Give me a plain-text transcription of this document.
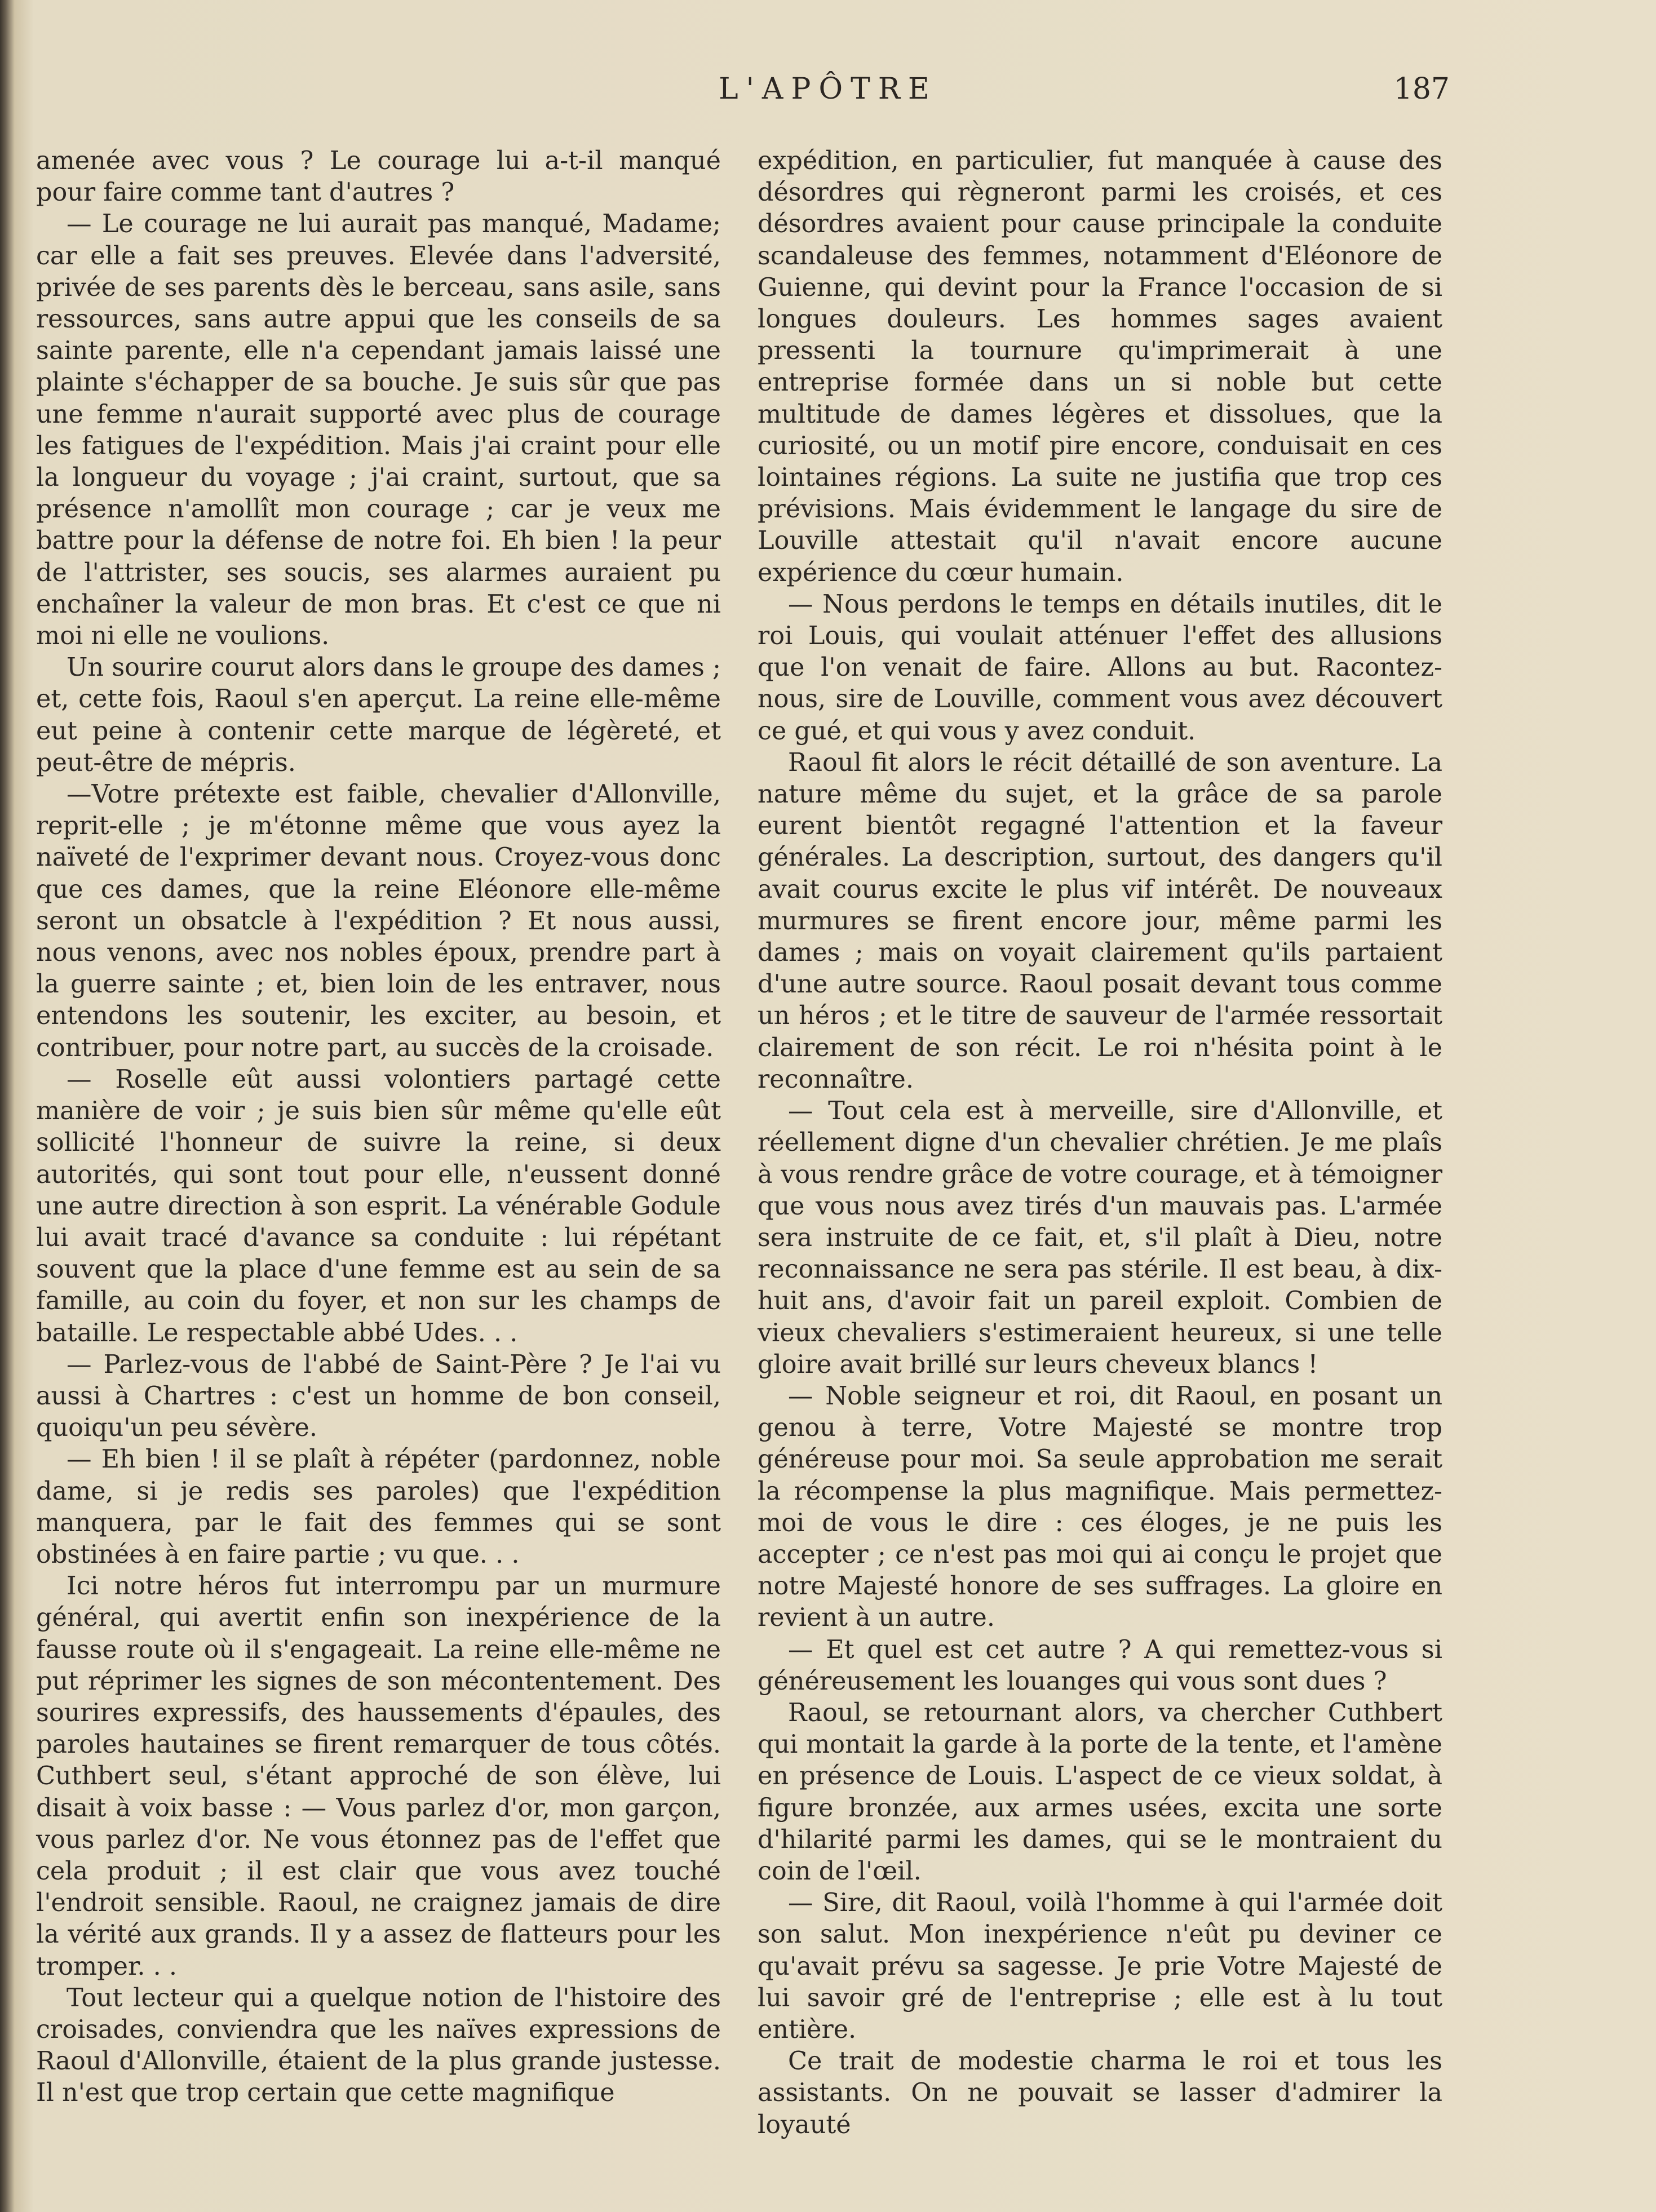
L'APÔTRE	187

amenée avec vous ? Le courage lui a-t-il manqué pour faire comme tant d'autres ?

— Le courage ne lui aurait pas manqué, Madame; car elle a fait ses preuves. Elevée dans l'adversité, privée de ses parents dès le berceau, sans asile, sans ressources, sans autre appui que les conseils de sa sainte parente, elle n'a cependant jamais laissé une plainte s'échapper de sa bouche. Je suis sûr que pas une femme n'aurait supporté avec plus de courage les fatigues de l'expédition. Mais j'ai craint pour elle la longueur du voyage ; j'ai craint, surtout, que sa présence n'amollît mon courage ; car je veux me battre pour la défense de notre foi. Eh bien ! la peur de l'attrister, ses soucis, ses alarmes auraient pu enchaîner la valeur de mon bras. Et c'est ce que ni moi ni elle ne voulions.

Un sourire courut alors dans le groupe des dames ; et, cette fois, Raoul s'en aperçut. La reine elle-même eut peine à contenir cette marque de légèreté, et peut-être de mépris.

—Votre prétexte est faible, chevalier d'Allonville, reprit-elle ; je m'étonne même que vous ayez la naïveté de l'exprimer devant nous. Croyez-vous donc que ces dames, que la reine Eléonore elle-même seront un obsatcle à l'expédition ? Et nous aussi, nous venons, avec nos nobles époux, prendre part à la guerre sainte ; et, bien loin de les entraver, nous entendons les soutenir, les exciter, au besoin, et contribuer, pour notre part, au succès de la croisade.

— Roselle eût aussi volontiers partagé cette manière de voir ; je suis bien sûr même qu'elle eût sollicité l'honneur de suivre la reine, si deux autorités, qui sont tout pour elle, n'eussent donné une autre direction à son esprit. La vénérable Godule lui avait tracé d'avance sa conduite : lui répétant souvent que la place d'une femme est au sein de sa famille, au coin du foyer, et non sur les champs de bataille. Le respectable abbé Udes. . .

— Parlez-vous de l'abbé de Saint-Père ? Je l'ai vu aussi à Chartres : c'est un homme de bon conseil, quoiqu'un peu sévère.

— Eh bien ! il se plaît à répéter (pardonnez, noble dame, si je redis ses paroles) que l'expédition manquera, par le fait des femmes qui se sont obstinées à en faire partie ; vu que. . .

Ici notre héros fut interrompu par un murmure général, qui avertit enfin son inexpérience de la fausse route où il s'engageait. La reine elle-même ne put réprimer les signes de son mécontentement. Des sourires expressifs, des haussements d'épaules, des paroles hautaines se firent remarquer de tous côtés. Cuthbert seul, s'étant approché de son élève, lui disait à voix basse : — Vous parlez d'or, mon garçon, vous parlez d'or. Ne vous étonnez pas de l'effet que cela produit ; il est clair que vous avez touché l'endroit sensible. Raoul, ne craignez jamais de dire la vérité aux grands. Il y a assez de flatteurs pour les tromper. . .

Tout lecteur qui a quelque notion de l'histoire des croisades, conviendra que les naïves expressions de Raoul d'Allonville, étaient de la plus grande justesse. Il n'est que trop certain que cette magnifique

expédition, en particulier, fut manquée à cause des désordres qui règneront parmi les croisés, et ces désordres avaient pour cause principale la conduite scandaleuse des femmes, notamment d'Eléonore de Guienne, qui devint pour la France l'occasion de si longues douleurs. Les hommes sages avaient pressenti la tournure qu'imprimerait à une entreprise formée dans un si noble but cette multitude de dames légères et dissolues, que la curiosité, ou un motif pire encore, conduisait en ces lointaines régions. La suite ne justifia que trop ces prévisions. Mais évidemment le langage du sire de Louville attestait qu'il n'avait encore aucune expérience du cœur humain.

— Nous perdons le temps en détails inutiles, dit le roi Louis, qui voulait atténuer l'effet des allusions que l'on venait de faire. Allons au but. Racontez-nous, sire de Louville, comment vous avez découvert ce gué, et qui vous y avez conduit.

Raoul fit alors le récit détaillé de son aventure. La nature même du sujet, et la grâce de sa parole eurent bientôt regagné l'attention et la faveur générales. La description, surtout, des dangers qu'il avait courus excite le plus vif intérêt. De nouveaux murmures se firent encore jour, même parmi les dames ; mais on voyait clairement qu'ils partaient d'une autre source. Raoul posait devant tous comme un héros ; et le titre de sauveur de l'armée ressortait clairement de son récit. Le roi n'hésita point à le reconnaître.

— Tout cela est à merveille, sire d'Allonville, et réellement digne d'un chevalier chrétien. Je me plaîs à vous rendre grâce de votre courage, et à témoigner que vous nous avez tirés d'un mauvais pas. L'armée sera instruite de ce fait, et, s'il plaît à Dieu, notre reconnaissance ne sera pas stérile. Il est beau, à dix-huit ans, d'avoir fait un pareil exploit. Combien de vieux chevaliers s'estimeraient heureux, si une telle gloire avait brillé sur leurs cheveux blancs !

— Noble seigneur et roi, dit Raoul, en posant un genou à terre, Votre Majesté se montre trop généreuse pour moi. Sa seule approbation me serait la récompense la plus magnifique. Mais permettez-moi de vous le dire : ces éloges, je ne puis les accepter ; ce n'est pas moi qui ai conçu le projet que notre Majesté honore de ses suffrages. La gloire en revient à un autre.

— Et quel est cet autre ? A qui remettez-vous si généreusement les louanges qui vous sont dues ?

Raoul, se retournant alors, va chercher Cuthbert qui montait la garde à la porte de la tente, et l'amène en présence de Louis. L'aspect de ce vieux soldat, à figure bronzée, aux armes usées, excita une sorte d'hilarité parmi les dames, qui se le montraient du coin de l'œil.

— Sire, dit Raoul, voilà l'homme à qui l'armée doit son salut. Mon inexpérience n'eût pu deviner ce qu'avait prévu sa sagesse. Je prie Votre Majesté de lui savoir gré de l'entreprise ; elle est à lu tout entière.

Ce trait de modestie charma le roi et tous les assistants. On ne pouvait se lasser d'admirer la loyauté
